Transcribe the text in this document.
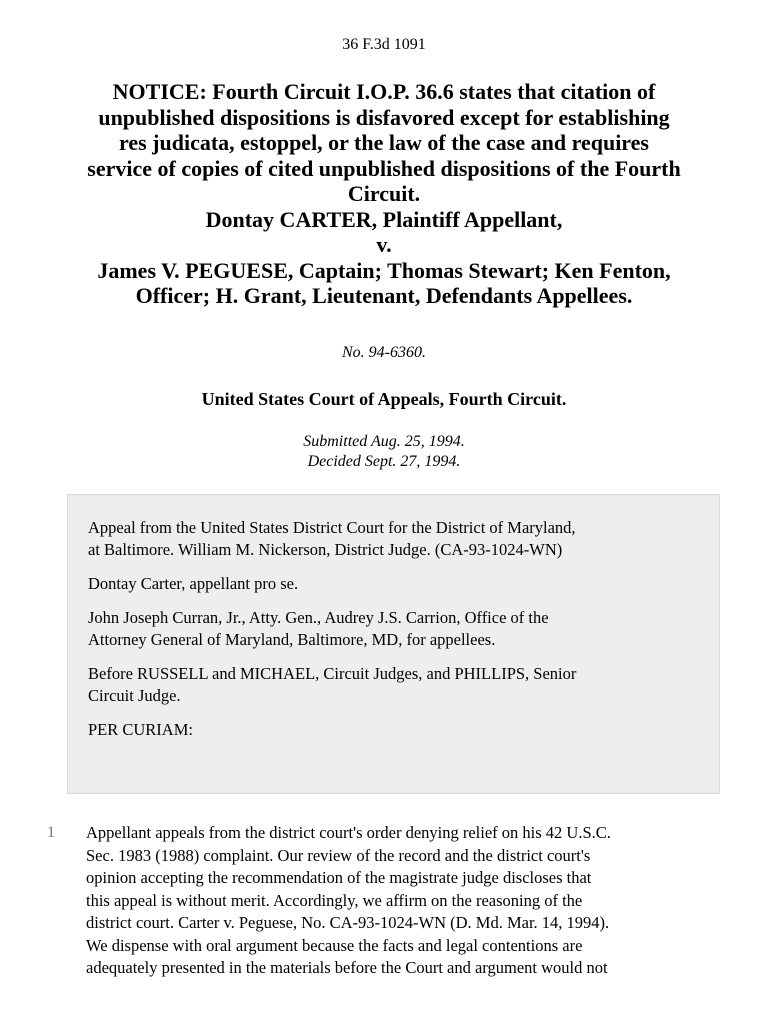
36 F.3d 1091
NOTICE: Fourth Circuit I.O.P. 36.6 states that citation of
unpublished dispositions is disfavored except for establishing
res judicata, estoppel, or the law of the case and requires
service of copies of cited unpublished dispositions of the Fourth
Circuit.
Dontay CARTER, Plaintiff Appellant,
v.
James V. PEGUESE, Captain; Thomas Stewart; Ken Fenton,
Officer; H. Grant, Lieutenant, Defendants Appellees.
No. 94-6360.
United States Court of Appeals, Fourth Circuit.
Submitted Aug. 25, 1994.
Decided Sept. 27, 1994.

Appeal from the United States District Court for the District of Maryland,
at Baltimore. William M. Nickerson, District Judge. (CA-93-1024-WN)

Dontay Carter, appellant pro se.

John Joseph Curran, Jr., Atty. Gen., Audrey J.S. Carrion, Office of the
Attorney General of Maryland, Baltimore, MD, for appellees.

Before RUSSELL and MICHAEL, Circuit Judges, and PHILLIPS, Senior
Circuit Judge.

PER CURIAM:

1 Appellant appeals from the district court's order denying relief on his 42 U.S.C.
Sec. 1983 (1988) complaint. Our review of the record and the district court's
opinion accepting the recommendation of the magistrate judge discloses that
this appeal is without merit. Accordingly, we affirm on the reasoning of the
district court. Carter v. Peguese, No. CA-93-1024-WN (D. Md. Mar. 14, 1994).
We dispense with oral argument because the facts and legal contentions are
adequately presented in the materials before the Court and argument would not
